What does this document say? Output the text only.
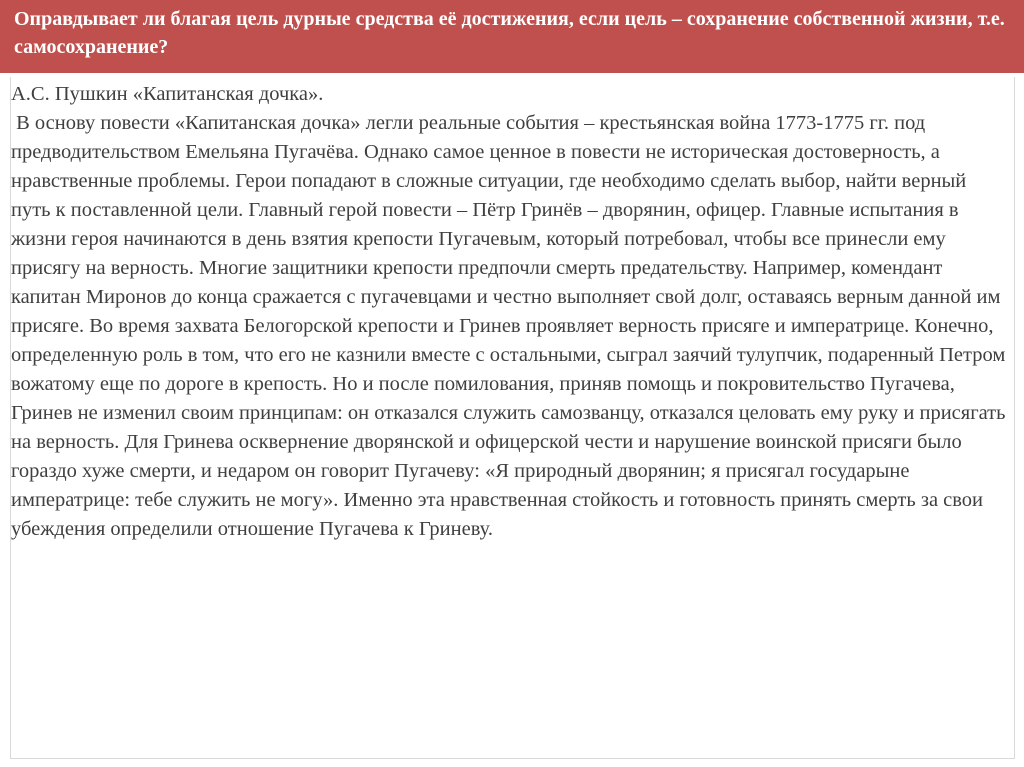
Оправдывает ли благая цель дурные средства её достижения, если цель – сохранение собственной жизни, т.е. самосохранение?

А.С. Пушкин «Капитанская дочка».

В основу повести «Капитанская дочка» легли реальные события – крестьянская война 1773-1775 гг. под предводительством Емельяна Пугачёва. Однако самое ценное в повести не историческая достоверность, а нравственные проблемы. Герои попадают в сложные ситуации, где необходимо сделать выбор, найти верный путь к поставленной цели. Главный герой повести – Пётр Гринёв – дворянин, офицер. Главные испытания в жизни героя начинаются в день взятия крепости Пугачевым, который потребовал, чтобы все принесли ему присягу на верность. Многие защитники крепости предпочли смерть предательству. Например, комендант капитан Миронов до конца сражается с пугачевцами и честно выполняет свой долг, оставаясь верным данной им присяге. Во время захвата Белогорской крепости и Гринев проявляет верность присяге и императрице. Конечно, определенную роль в том, что его не казнили вместе с остальными, сыграл заячий тулупчик, подаренный Петром вожатому еще по дороге в крепость. Но и после помилования, приняв помощь и покровительство Пугачева, Гринев не изменил своим принципам: он отказался служить самозванцу, отказался целовать ему руку и присягать на верность. Для Гринева осквернение дворянской и офицерской чести и нарушение воинской присяги было гораздо хуже смерти, и недаром он говорит Пугачеву: «Я природный дворянин; я присягал государыне императрице: тебе служить не могу». Именно эта нравственная стойкость и готовность принять смерть за свои убеждения определили отношение Пугачева к Гриневу.
